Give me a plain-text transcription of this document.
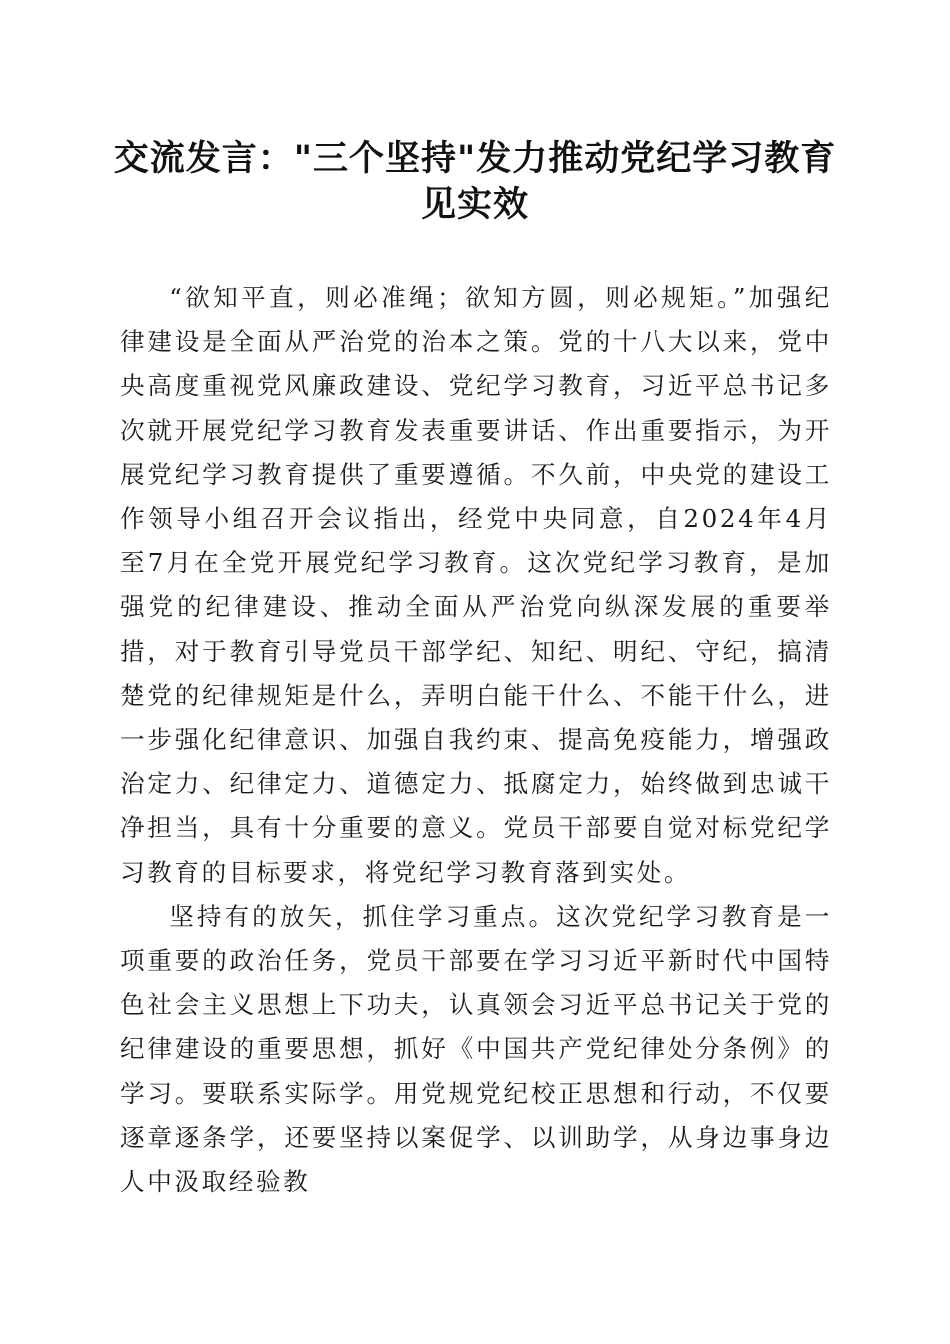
交流发言："三个坚持"发力推动党纪学习教育见实效

“欲知平直，则必准绳；欲知方圆，则必规矩。”加强纪律建设是全面从严治党的治本之策。党的十八大以来，党中央高度重视党风廉政建设、党纪学习教育，习近平总书记多次就开展党纪学习教育发表重要讲话、作出重要指示，为开展党纪学习教育提供了重要遵循。不久前，中央党的建设工作领导小组召开会议指出，经党中央同意，自2024年4月至7月在全党开展党纪学习教育。这次党纪学习教育，是加强党的纪律建设、推动全面从严治党向纵深发展的重要举措，对于教育引导党员干部学纪、知纪、明纪、守纪，搞清楚党的纪律规矩是什么，弄明白能干什么、不能干什么，进一步强化纪律意识、加强自我约束、提高免疫能力，增强政治定力、纪律定力、道德定力、抵腐定力，始终做到忠诚干净担当，具有十分重要的意义。党员干部要自觉对标党纪学习教育的目标要求，将党纪学习教育落到实处。

坚持有的放矢，抓住学习重点。这次党纪学习教育是一项重要的政治任务，党员干部要在学习习近平新时代中国特色社会主义思想上下功夫，认真领会习近平总书记关于党的纪律建设的重要思想，抓好《中国共产党纪律处分条例》的学习。要联系实际学。用党规党纪校正思想和行动，不仅要逐章逐条学，还要坚持以案促学、以训助学，从身边事身边人中汲取经验教
